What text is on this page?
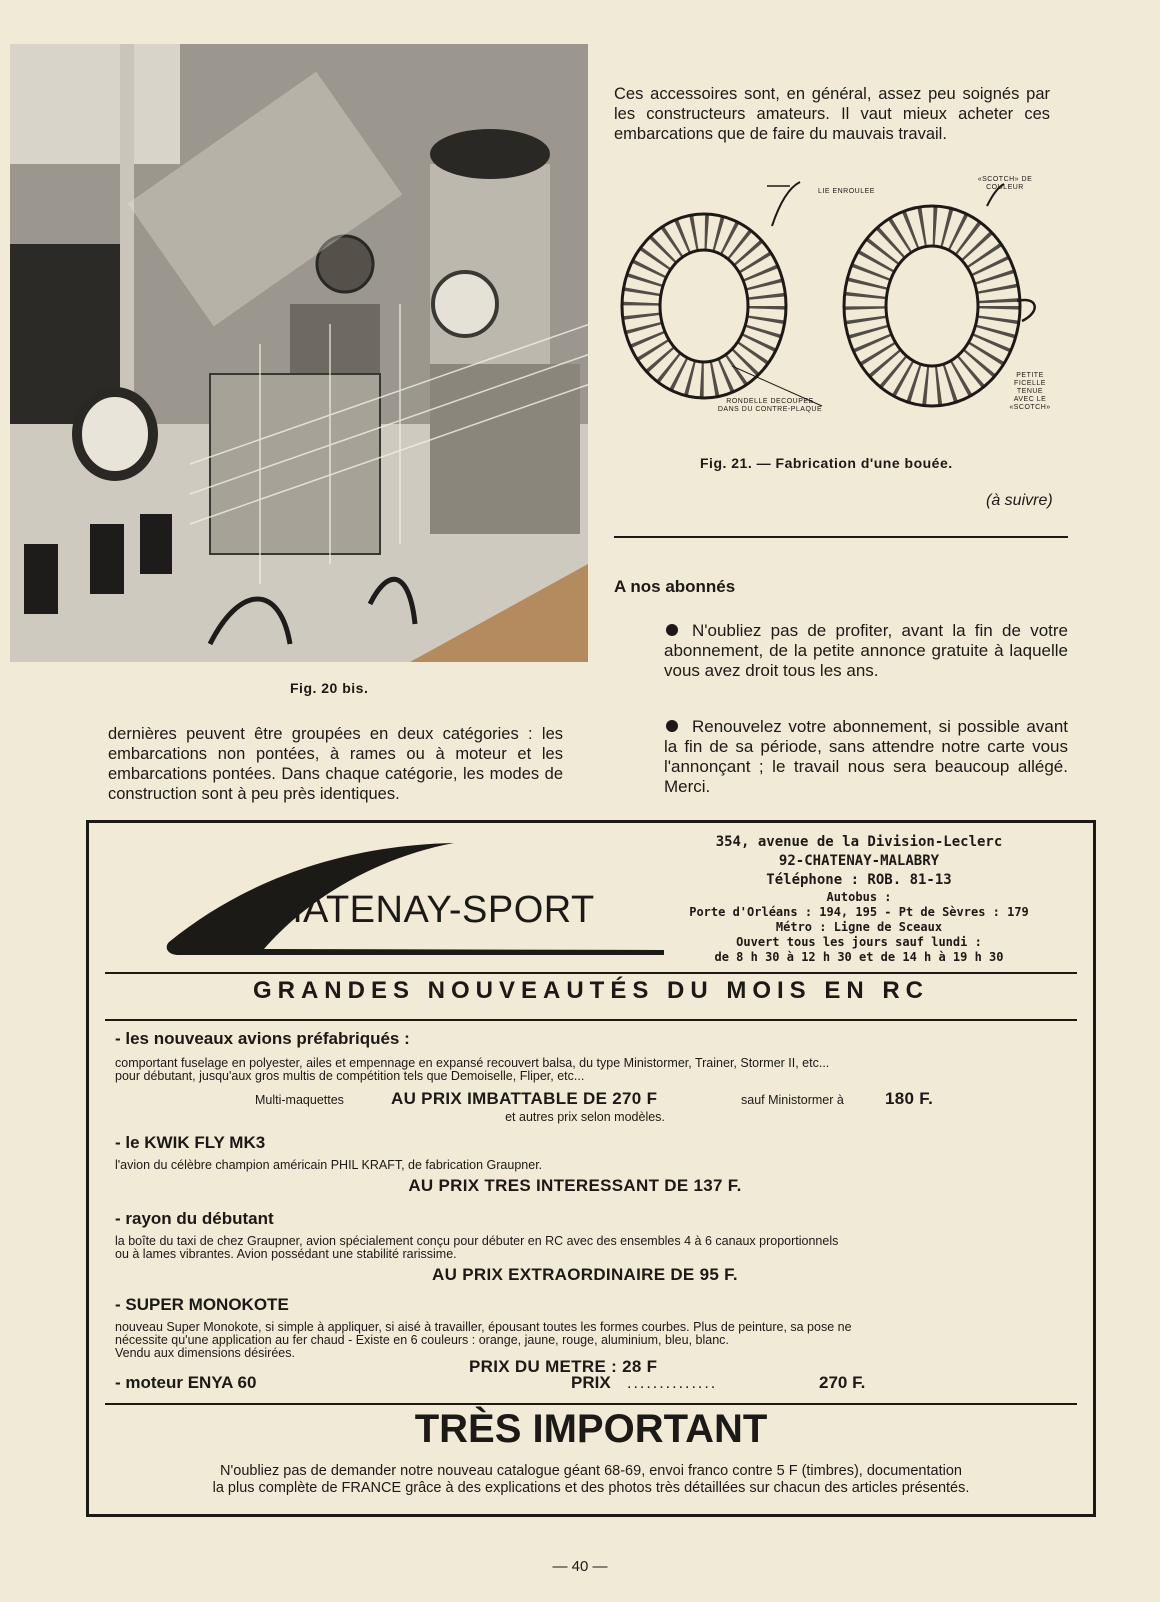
Fig. 20 bis.
dernières peuvent être groupées en deux catégories : les embarcations non pontées, à rames ou à moteur et les embarcations pontées. Dans chaque catégorie, les modes de construction sont à peu près identiques.
Ces accessoires sont, en général, assez peu soignés par les constructeurs amateurs. Il vaut mieux acheter ces embarcations que de faire du mauvais travail.
LIE ENROULEE
«SCOTCH» DE COULEUR
RONDELLE DECOUPEE
DANS DU CONTRE-PLAQUE
PETITE
FICELLE
TENUE
AVEC LE
«SCOTCH»
Fig. 21. — Fabrication d'une bouée.
(à suivre)
A nos abonnés
N'oubliez pas de profiter, avant la fin de votre abonnement, de la petite annonce gratuite à laquelle vous avez droit tous les ans.
Renouvelez votre abonnement, si possible avant la fin de sa période, sans attendre notre carte vous l'annonçant ; le travail nous sera beaucoup allégé. Merci.
HATENAY-SPORT
354, avenue de la Division-Leclerc
92-CHATENAY-MALABRY
Téléphone : ROB. 81-13
Autobus :
Porte d'Orléans : 194, 195 - Pt de Sèvres : 179
Métro : Ligne de Sceaux
Ouvert tous les jours sauf lundi :
de 8 h 30 à 12 h 30 et de 14 h à 19 h 30
GRANDES NOUVEAUTÉS DU MOIS EN RC
- les nouveaux avions préfabriqués :
comportant fuselage en polyester, ailes et empennage en expansé recouvert balsa, du type Ministormer, Trainer, Stormer II, etc...
pour débutant, jusqu'aux gros multis de compétition tels que Demoiselle, Fliper, etc...
Multi-maquettes	AU PRIX IMBATTABLE DE 270 F	sauf Ministormer à 180 F.
et autres prix selon modèles.
- le KWIK FLY MK3
l'avion du célèbre champion américain PHIL KRAFT, de fabrication Graupner.
AU PRIX TRES INTERESSANT DE 137 F.
- rayon du débutant
la boîte du taxi de chez Graupner, avion spécialement conçu pour débuter en RC avec des ensembles 4 à 6 canaux proportionnels
ou à lames vibrantes. Avion possédant une stabilité rarissime.
AU PRIX EXTRAORDINAIRE DE 95 F.
- SUPER MONOKOTE
nouveau Super Monokote, si simple à appliquer, si aisé à travailler, épousant toutes les formes courbes. Plus de peinture, sa pose ne
nécessite qu'une application au fer chaud - Existe en 6 couleurs : orange, jaune, rouge, aluminium, bleu, blanc.
Vendu aux dimensions désirées.
PRIX DU METRE : 28 F
- moteur ENYA 60	PRIX ..............	270 F.
TRÈS IMPORTANT
N'oubliez pas de demander notre nouveau catalogue géant 68-69, envoi franco contre 5 F (timbres), documentation
la plus complète de FRANCE grâce à des explications et des photos très détaillées sur chacun des articles présentés.
— 40 —
